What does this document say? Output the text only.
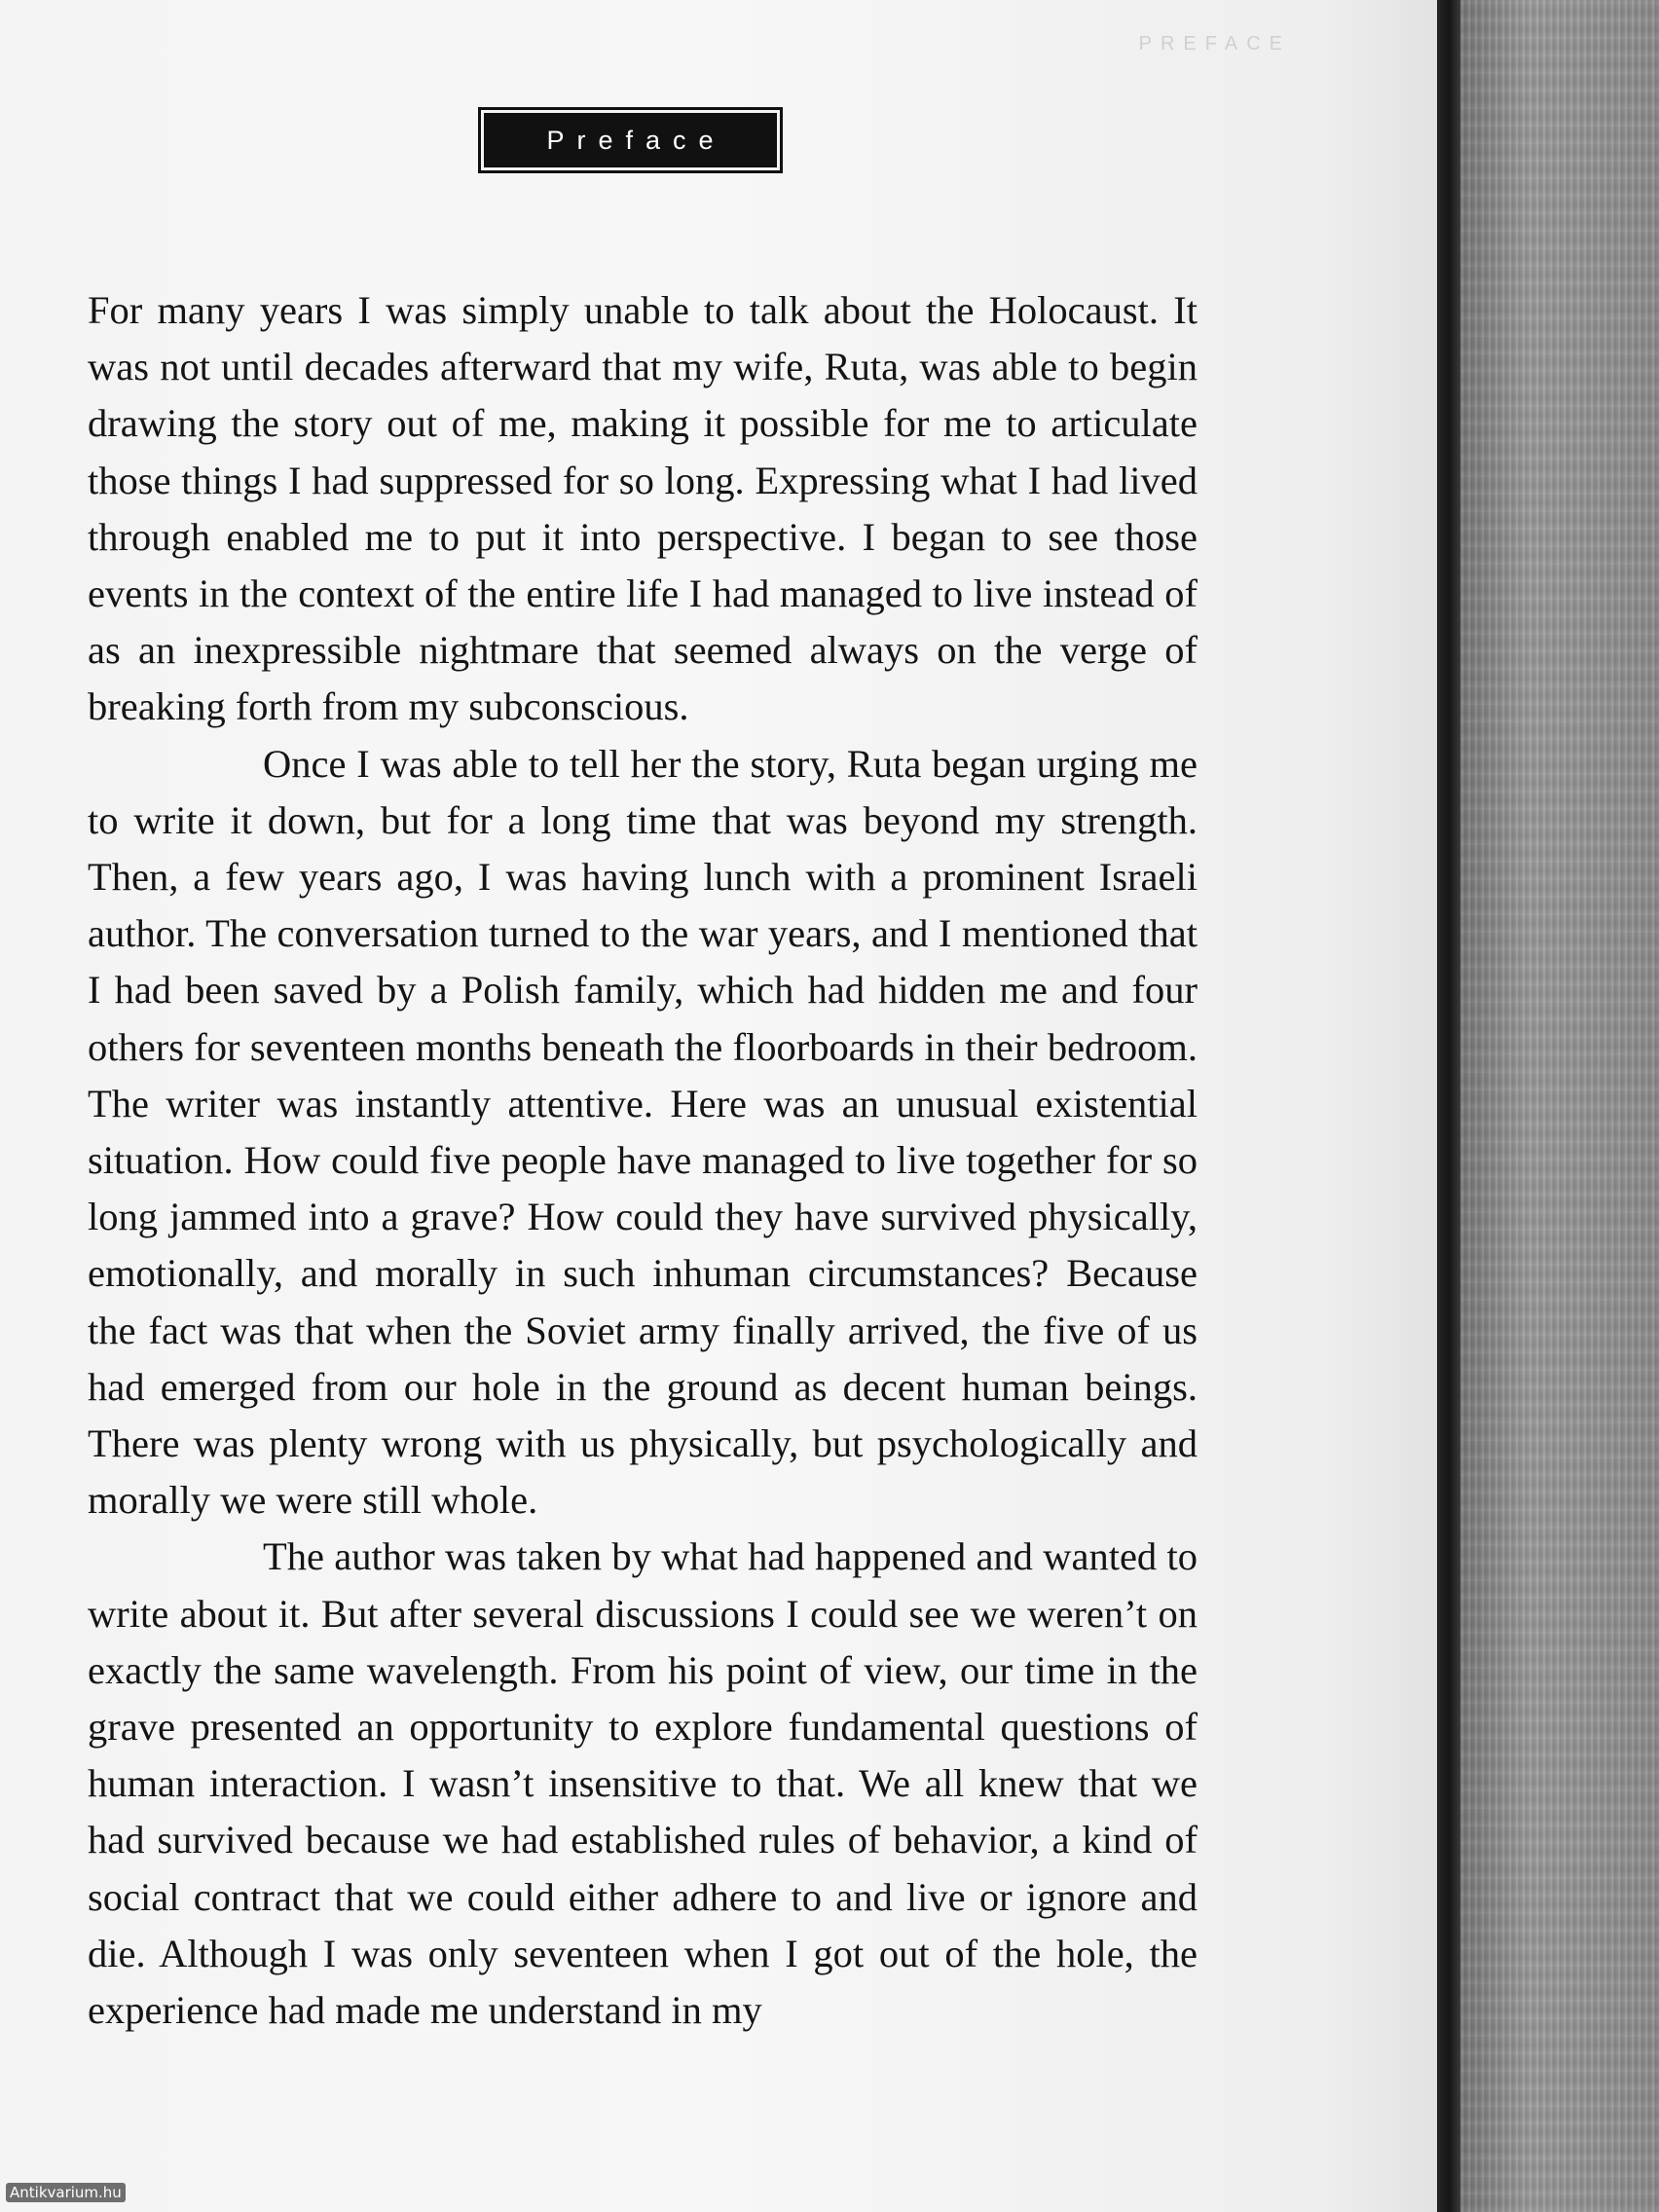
PREFACE
Preface

For many years I was simply unable to talk about the Holocaust. It was not until decades afterward that my wife, Ruta, was able to begin drawing the story out of me, making it possible for me to articulate those things I had suppressed for so long. Expressing what I had lived through enabled me to put it into perspective. I began to see those events in the context of the entire life I had managed to live instead of as an inexpressible nightmare that seemed always on the verge of breaking forth from my subconscious.

Once I was able to tell her the story, Ruta began urging me to write it down, but for a long time that was beyond my strength. Then, a few years ago, I was having lunch with a prominent Israeli author. The conversation turned to the war years, and I mentioned that I had been saved by a Polish family, which had hidden me and four others for seventeen months beneath the floorboards in their bedroom. The writer was instantly attentive. Here was an unusual existential situation. How could five people have managed to live together for so long jammed into a grave? How could they have survived physically, emotionally, and morally in such inhuman circumstances? Because the fact was that when the Soviet army finally arrived, the five of us had emerged from our hole in the ground as decent human beings. There was plenty wrong with us physically, but psychologically and morally we were still whole.

The author was taken by what had happened and wanted to write about it. But after several discussions I could see we weren’t on exactly the same wavelength. From his point of view, our time in the grave presented an opportunity to explore fundamental questions of human interaction. I wasn’t insensitive to that. We all knew that we had survived because we had established rules of behavior, a kind of social contract that we could either adhere to and live or ignore and die. Although I was only seventeen when I got out of the hole, the experience had made me understand in my

Antikvarium.hu
